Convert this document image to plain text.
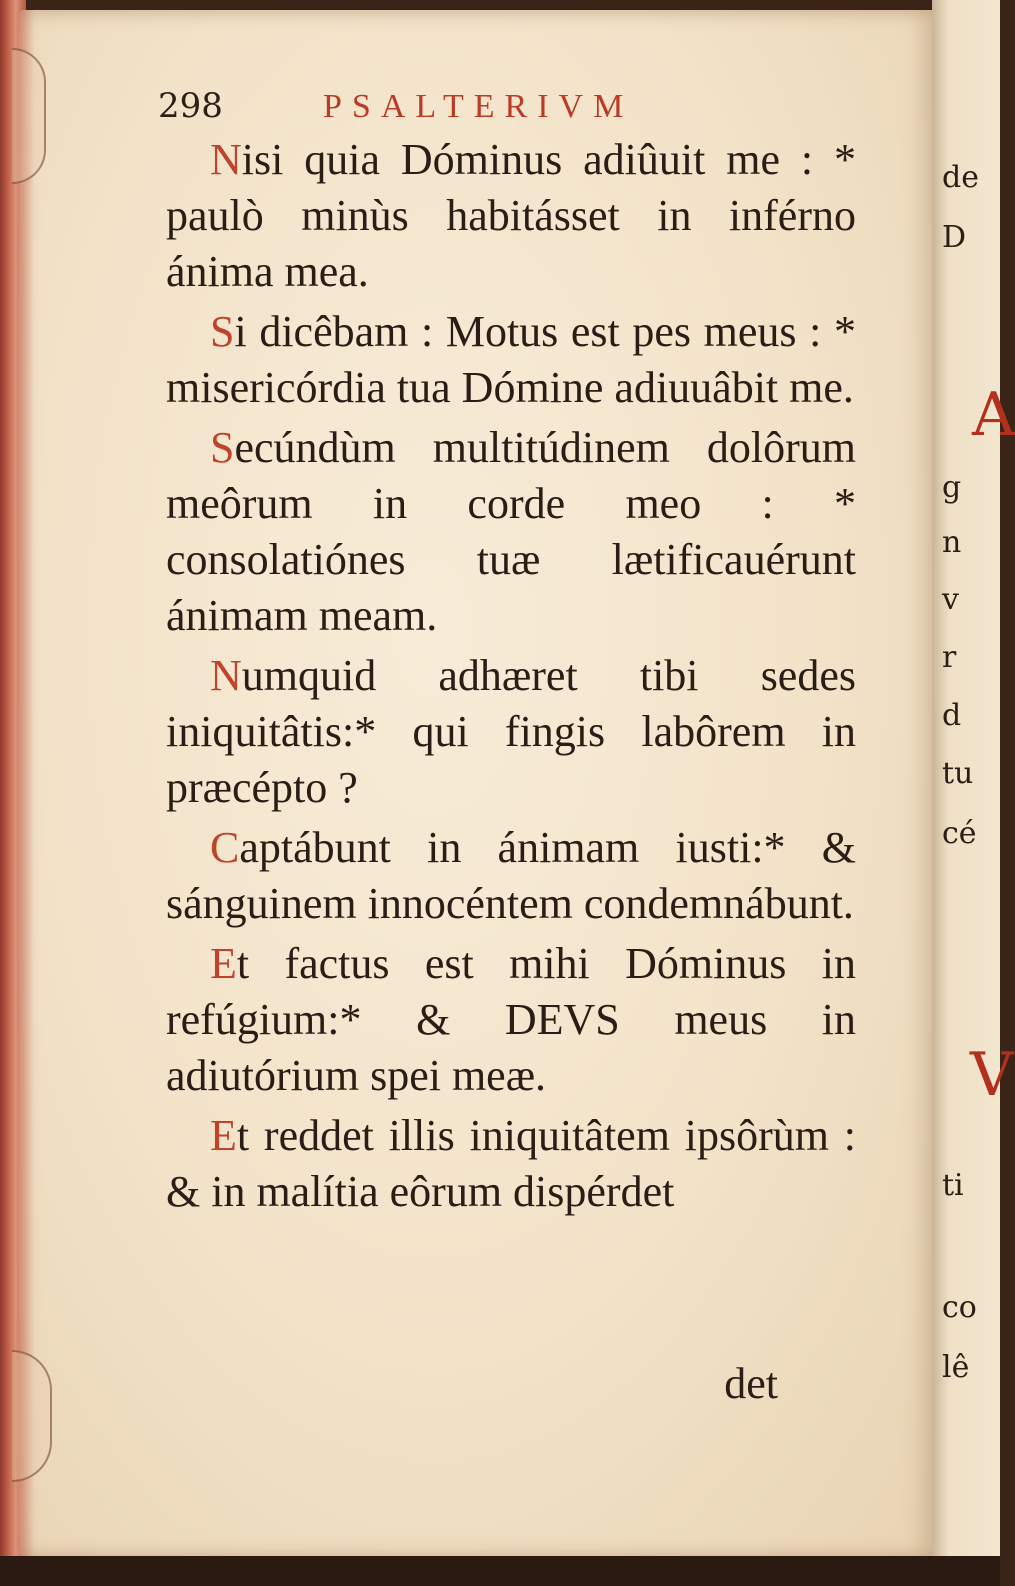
298	PSALTERIVM

Nisi quia Dóminus adiûuit me : * paulò minùs habitásset in inférno ánima mea.

Si dicêbam : Motus est pes meus : * misericórdia tua Dómine adiuuâbit me.

Secúndùm multitúdinem dolôrum meôrum in corde meo : * consolatiónes tuæ lætificauérunt ánimam meam.

Numquid adhæret tibi sedes iniquitâtis:* qui fingis labôrem in præcépto ?

Captábunt in ánimam iusti:* & sánguinem innocéntem condemnábunt.

Et factus est mihi Dóminus in refúgium:* & DEVS meus in adiutórium spei meæ.

Et reddet illis iniquitâtem ipsôrùm : & in malítia eôrum dispérdet

det
de
D
A
g
n
v
r
d
tu
cé
V
ti
co
lê
